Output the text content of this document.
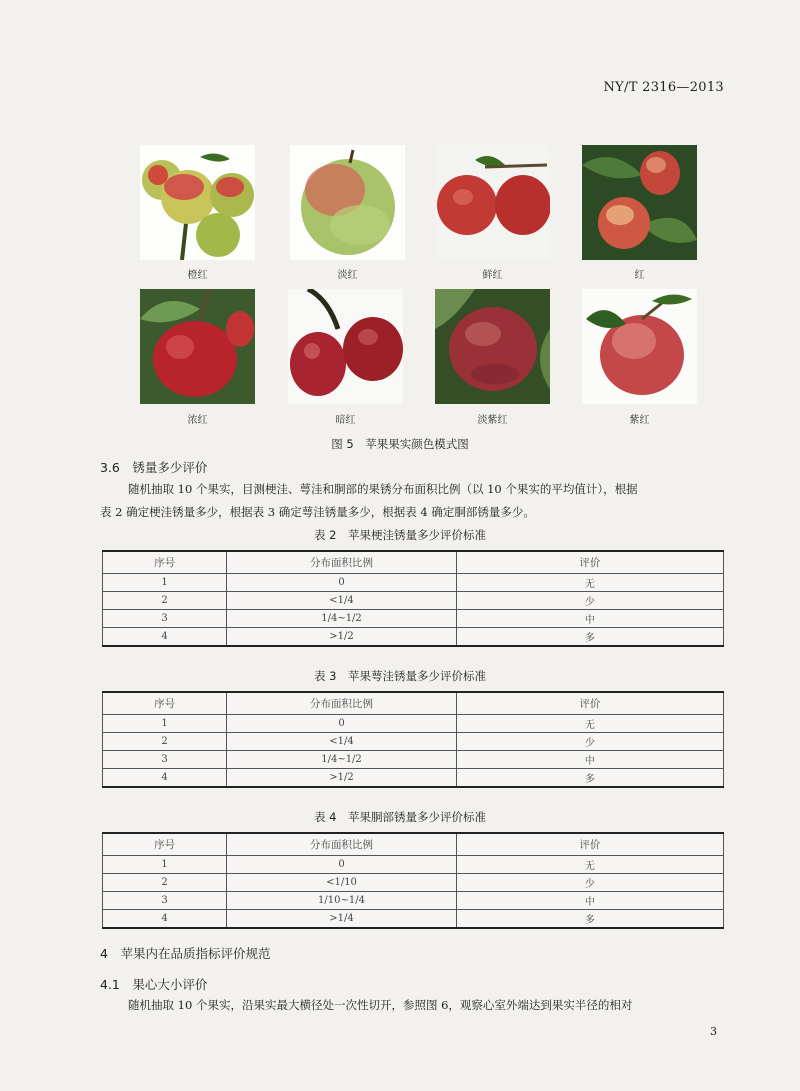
NY/T 2316—2013
橙红	淡红	鲜红	红
浓红	暗红	淡紫红	紫红
图 5　苹果果实颜色模式图
3.6　锈量多少评价
随机抽取 10 个果实，目测梗洼、萼洼和胴部的果锈分布面积比例（以 10 个果实的平均值计），根据
表 2 确定梗洼锈量多少，根据表 3 确定萼洼锈量多少，根据表 4 确定胴部锈量多少。
表 2　苹果梗洼锈量多少评价标准
序号	分布面积比例	评价
1	0	无
2	<1/4	少
3	1/4~1/2	中
4	>1/2	多
表 3　苹果萼洼锈量多少评价标准
序号	分布面积比例	评价
1	0	无
2	<1/4	少
3	1/4~1/2	中
4	>1/2	多
表 4　苹果胴部锈量多少评价标准
序号	分布面积比例	评价
1	0	无
2	<1/10	少
3	1/10~1/4	中
4	>1/4	多
4　苹果内在品质指标评价规范
4.1　果心大小评价
随机抽取 10 个果实，沿果实最大横径处一次性切开，参照图 6，观察心室外端达到果实半径的相对
3
